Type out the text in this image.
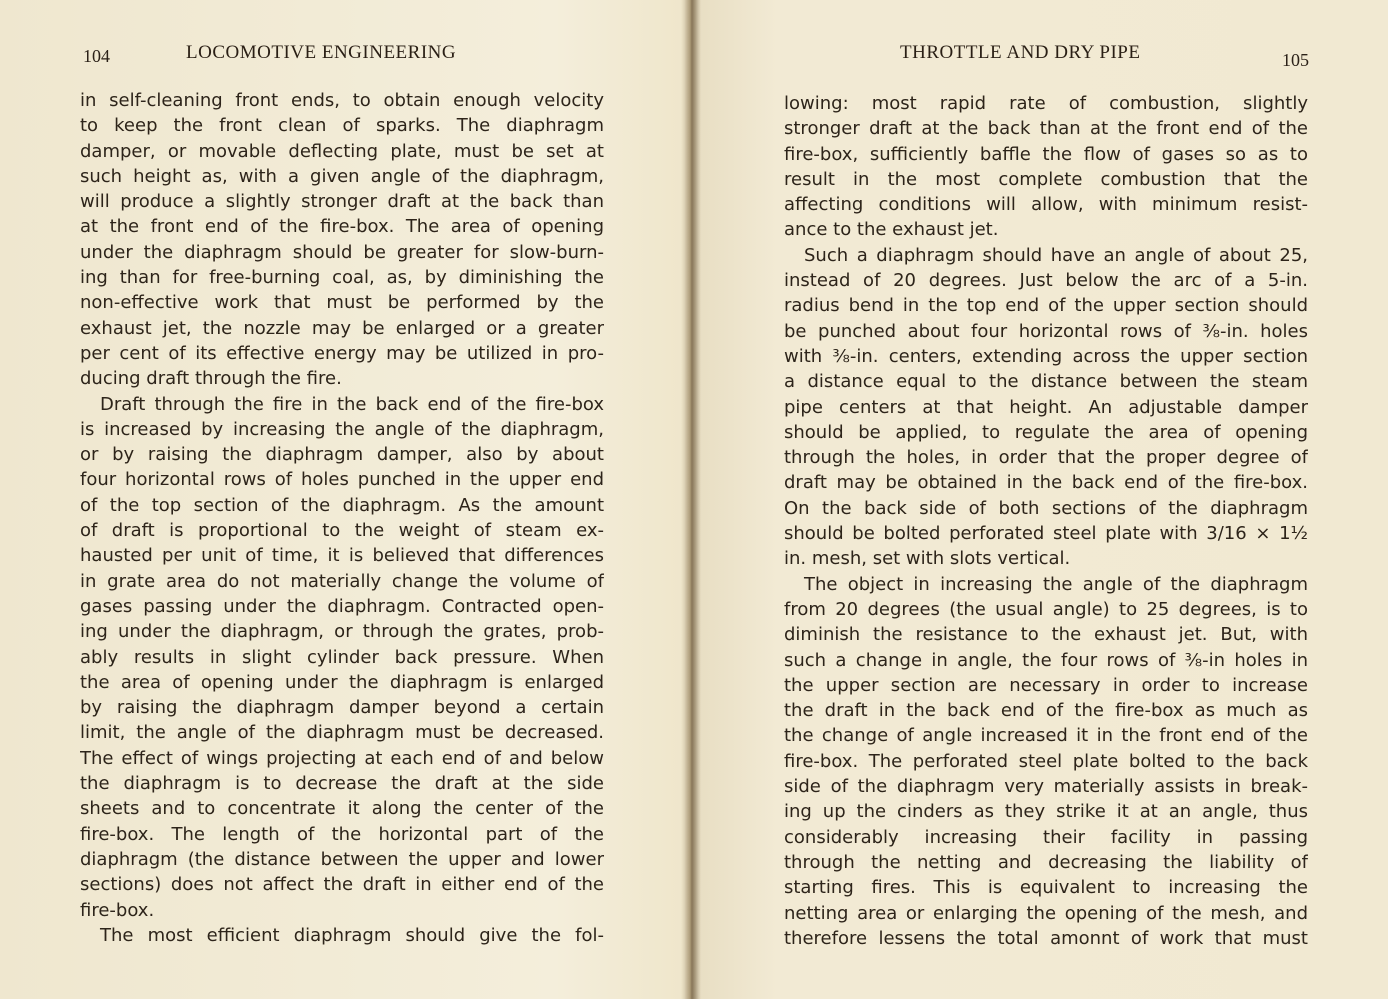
104	LOCOMOTIVE ENGINEERING
in self-cleaning front ends, to obtain enough velocity
to keep the front clean of sparks. The diaphragm
damper, or movable deflecting plate, must be set at
such height as, with a given angle of the diaphragm,
will produce a slightly stronger draft at the back than
at the front end of the fire-box. The area of opening
under the diaphragm should be greater for slow-burn-
ing than for free-burning coal, as, by diminishing the
non-effective work that must be performed by the
exhaust jet, the nozzle may be enlarged or a greater
per cent of its effective energy may be utilized in pro-
ducing draft through the fire.
Draft through the fire in the back end of the fire-box
is increased by increasing the angle of the diaphragm,
or by raising the diaphragm damper, also by about
four horizontal rows of holes punched in the upper end
of the top section of the diaphragm. As the amount
of draft is proportional to the weight of steam ex-
hausted per unit of time, it is believed that differences
in grate area do not materially change the volume of
gases passing under the diaphragm. Contracted open-
ing under the diaphragm, or through the grates, prob-
ably results in slight cylinder back pressure. When
the area of opening under the diaphragm is enlarged
by raising the diaphragm damper beyond a certain
limit, the angle of the diaphragm must be decreased.
The effect of wings projecting at each end of and below
the diaphragm is to decrease the draft at the side
sheets and to concentrate it along the center of the
fire-box. The length of the horizontal part of the
diaphragm (the distance between the upper and lower
sections) does not affect the draft in either end of the
fire-box.
The most efficient diaphragm should give the fol-
THROTTLE AND DRY PIPE	105
lowing: most rapid rate of combustion, slightly
stronger draft at the back than at the front end of the
fire-box, sufficiently baffle the flow of gases so as to
result in the most complete combustion that the
affecting conditions will allow, with minimum resist-
ance to the exhaust jet.
Such a diaphragm should have an angle of about 25,
instead of 20 degrees. Just below the arc of a 5-in.
radius bend in the top end of the upper section should
be punched about four horizontal rows of ⅜-in. holes
with ⅜-in. centers, extending across the upper section
a distance equal to the distance between the steam
pipe centers at that height. An adjustable damper
should be applied, to regulate the area of opening
through the holes, in order that the proper degree of
draft may be obtained in the back end of the fire-box.
On the back side of both sections of the diaphragm
should be bolted perforated steel plate with 3/16 × 1½
in. mesh, set with slots vertical.
The object in increasing the angle of the diaphragm
from 20 degrees (the usual angle) to 25 degrees, is to
diminish the resistance to the exhaust jet. But, with
such a change in angle, the four rows of ⅜-in holes in
the upper section are necessary in order to increase
the draft in the back end of the fire-box as much as
the change of angle increased it in the front end of the
fire-box. The perforated steel plate bolted to the back
side of the diaphragm very materially assists in break-
ing up the cinders as they strike it at an angle, thus
considerably increasing their facility in passing
through the netting and decreasing the liability of
starting fires. This is equivalent to increasing the
netting area or enlarging the opening of the mesh, and
therefore lessens the total amonnt of work that must
